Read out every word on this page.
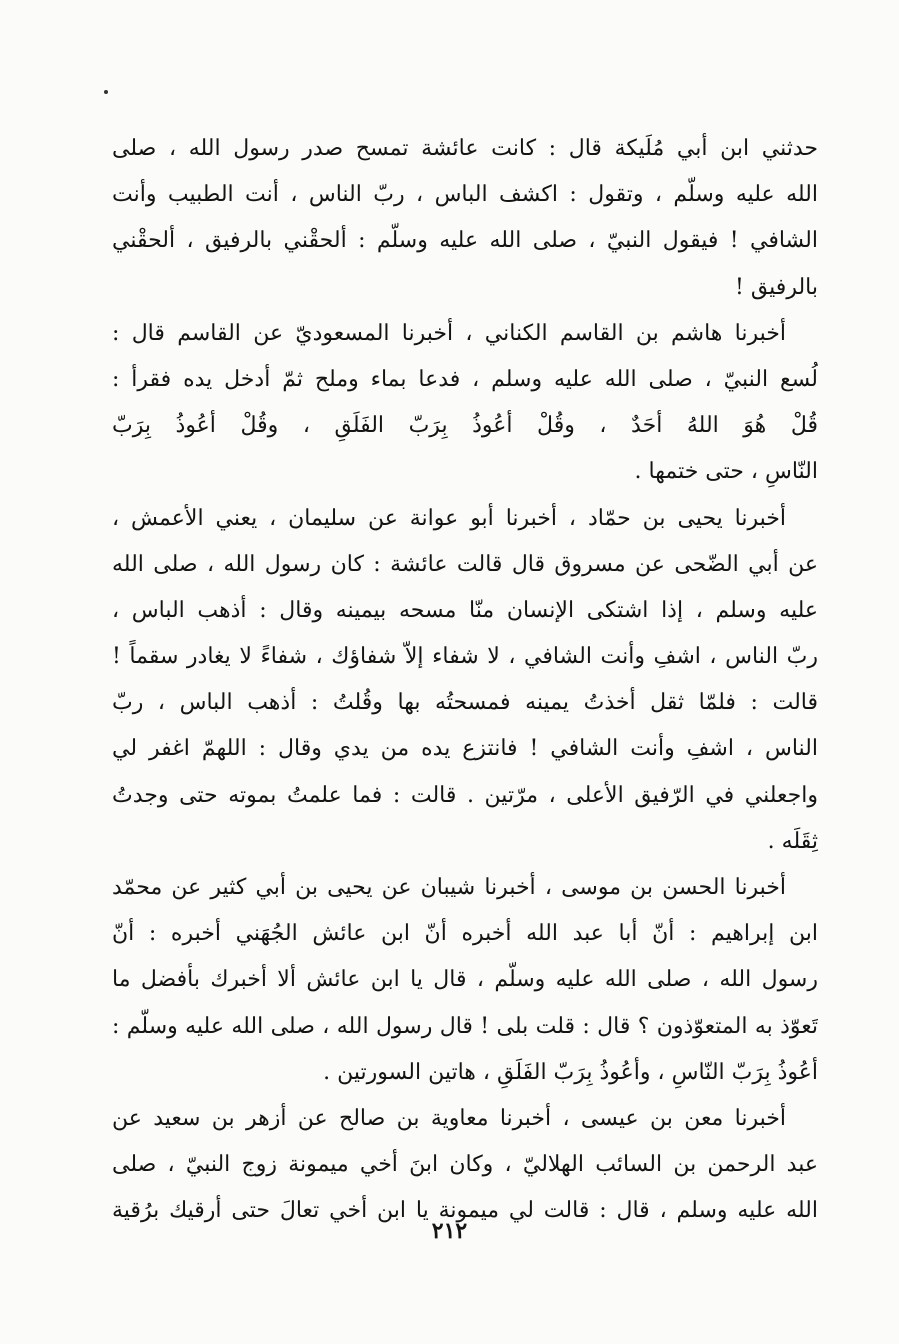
حدثني ابن أبي مُلَيكة قال : كانت عائشة تمسح صدر رسول الله ، صلى
الله عليه وسلّم ، وتقول : اكشف الباس ، ربّ الناس ، أنت الطبيب وأنت
الشافي ! فيقول النبيّ ، صلى الله عليه وسلّم : ألحقْني بالرفيق ، ألحقْني
بالرفيق !
أخبرنا هاشم بن القاسم الكناني ، أخبرنا المسعوديّ عن القاسم قال :
لُسع النبيّ ، صلى الله عليه وسلم ، فدعا بماء وملح ثمّ أدخل يده فقرأ :
قُلْ هُوَ اللهُ أحَدٌ ، وقُلْ أعُوذُ بِرَبّ الفَلَقِ ، وقُلْ أعُوذُ بِرَبّ
النّاسِ ، حتى ختمها .
أخبرنا يحيى بن حمّاد ، أخبرنا أبو عوانة عن سليمان ، يعني الأعمش ،
عن أبي الضّحى عن مسروق قال قالت عائشة : كان رسول الله ، صلى الله
عليه وسلم ، إذا اشتكى الإنسان منّا مسحه بيمينه وقال : أذهب الباس ،
ربّ الناس ، اشفِ وأنت الشافي ، لا شفاء إلاّ شفاؤك ، شفاءً لا يغادر سقماً !
قالت : فلمّا ثقل أخذتُ يمينه فمسحتُه بها وقُلتُ : أذهب الباس ، ربّ
الناس ، اشفِ وأنت الشافي ! فانتزع يده من يدي وقال : اللهمّ اغفر لي
واجعلني في الرّفيق الأعلى ، مرّتين . قالت : فما علمتُ بموته حتى وجدتُ
ثِقَلَه .
أخبرنا الحسن بن موسى ، أخبرنا شيبان عن يحيى بن أبي كثير عن محمّد
ابن إبراهيم : أنّ أبا عبد الله أخبره أنّ ابن عائش الجُهَني أخبره : أنّ
رسول الله ، صلى الله عليه وسلّم ، قال يا ابن عائش ألا أخبرك بأفضل ما
تَعوّذ به المتعوّذون ؟ قال : قلت بلى ! قال رسول الله ، صلى الله عليه وسلّم :
أعُوذُ بِرَبّ النّاسِ ، وأعُوذُ بِرَبّ الفَلَقِ ، هاتين السورتين .
أخبرنا معن بن عيسى ، أخبرنا معاوية بن صالح عن أزهر بن سعيد عن
عبد الرحمن بن السائب الهلاليّ ، وكان ابنَ أخي ميمونة زوج النبيّ ، صلى
الله عليه وسلم ، قال : قالت لي ميمونة يا ابن أخي تعالَ حتى أرقيك برُقية
٢١٢
